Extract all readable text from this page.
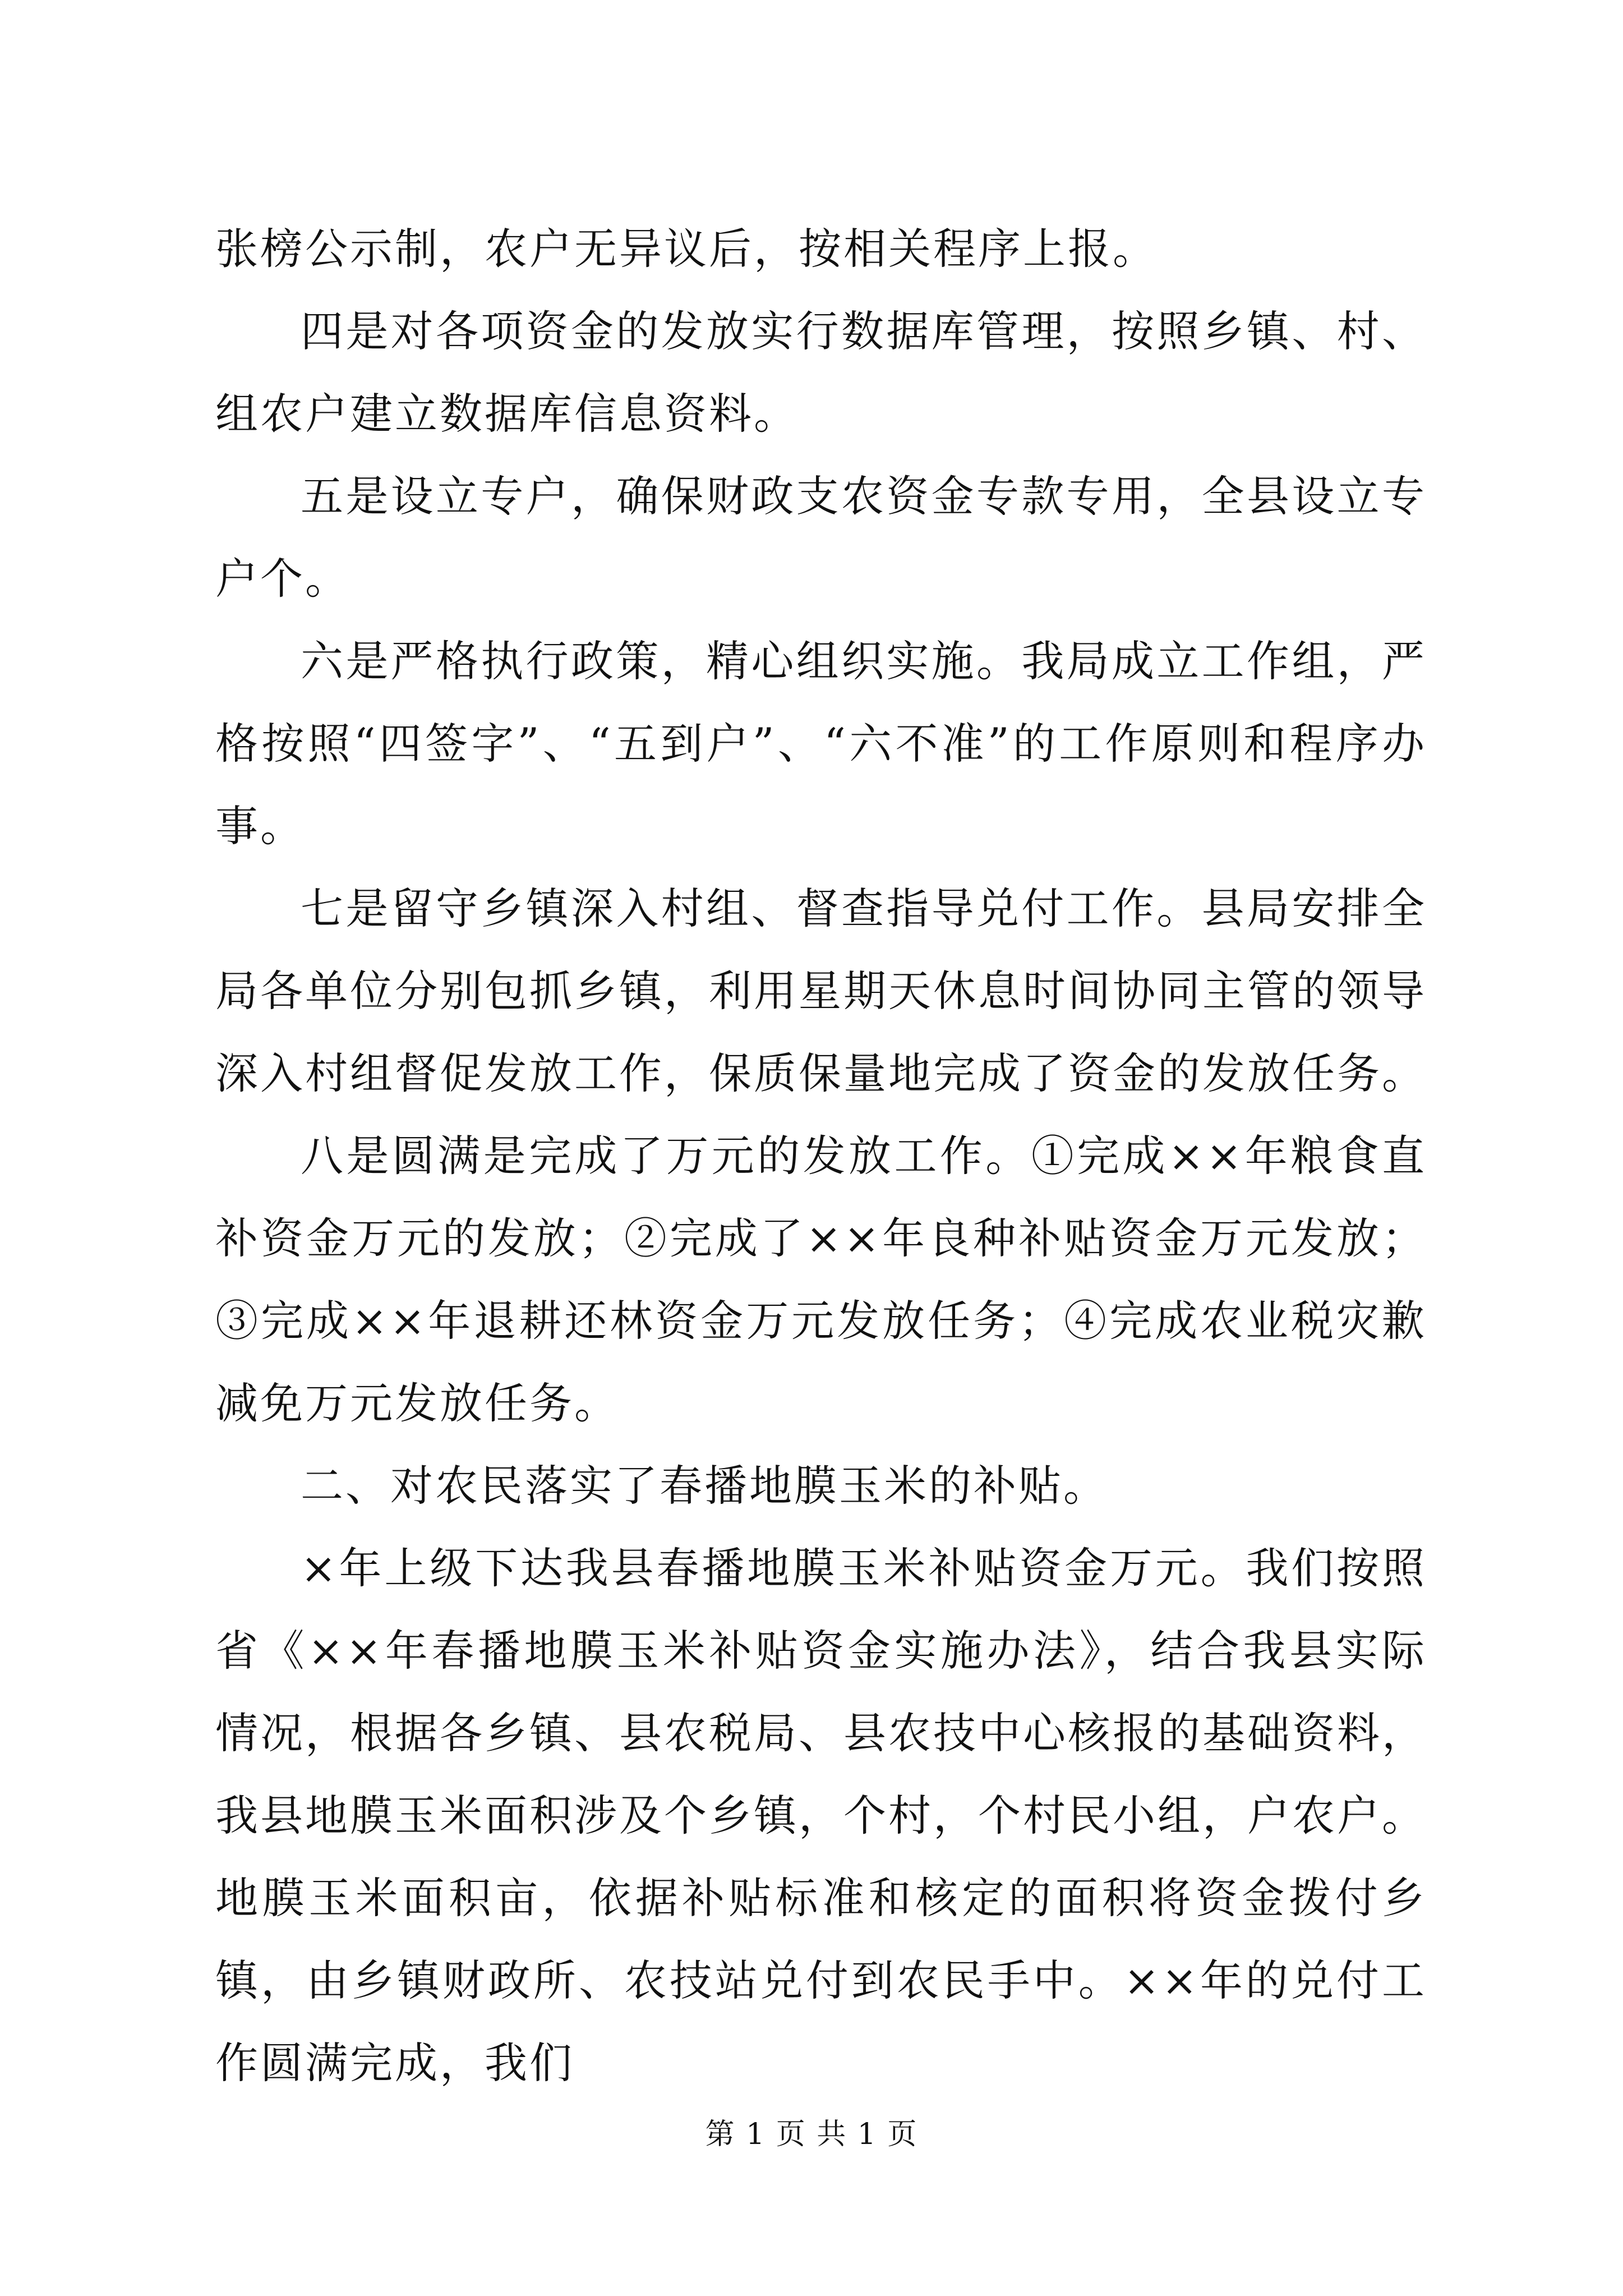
张榜公示制，农户无异议后，按相关程序上报。

四是对各项资金的发放实行数据库管理，按照乡镇、村、组农户建立数据库信息资料。

五是设立专户，确保财政支农资金专款专用，全县设立专户个。

六是严格执行政策，精心组织实施。我局成立工作组，严格按照“四签字”、“五到户”、“六不准”的工作原则和程序办事。

七是留守乡镇深入村组、督查指导兑付工作。县局安排全局各单位分别包抓乡镇，利用星期天休息时间协同主管的领导深入村组督促发放工作，保质保量地完成了资金的发放任务。

八是圆满是完成了万元的发放工作。①完成××年粮食直补资金万元的发放；②完成了××年良种补贴资金万元发放；③完成××年退耕还林资金万元发放任务；④完成农业税灾歉减免万元发放任务。

二、对农民落实了春播地膜玉米的补贴。

×年上级下达我县春播地膜玉米补贴资金万元。我们按照省《××年春播地膜玉米补贴资金实施办法》，结合我县实际情况，根据各乡镇、县农税局、县农技中心核报的基础资料，我县地膜玉米面积涉及个乡镇，个村，个村民小组，户农户。地膜玉米面积亩，依据补贴标准和核定的面积将资金拨付乡镇，由乡镇财政所、农技站兑付到农民手中。××年的兑付工作圆满完成，我们

第 1 页 共 1 页
